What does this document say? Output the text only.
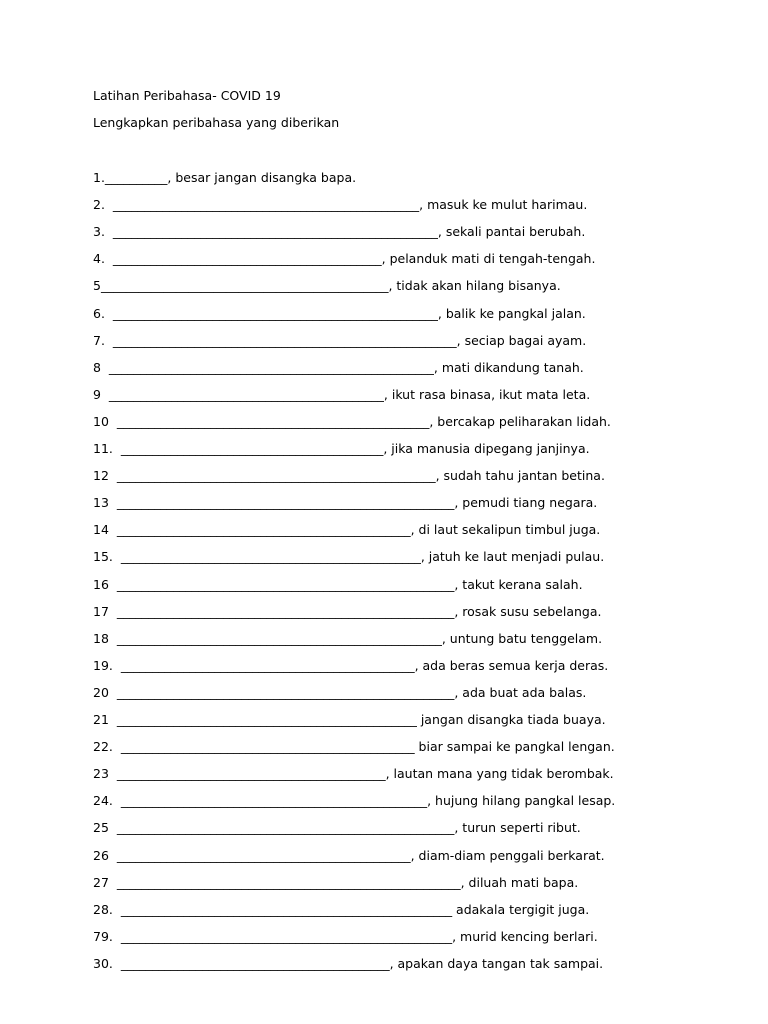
Latihan Peribahasa- COVID 19
Lengkapkan peribahasa yang diberikan
1.__________, besar jangan disangka bapa.
2.  _________________________________________________, masuk ke mulut harimau.
3.  ____________________________________________________, sekali pantai berubah.
4.  ___________________________________________, pelanduk mati di tengah-tengah.
5______________________________________________, tidak akan hilang bisanya.
6.  ____________________________________________________, balik ke pangkal jalan.
7.  _______________________________________________________, seciap bagai ayam.
8  ____________________________________________________, mati dikandung tanah.
9  ____________________________________________, ikut rasa binasa, ikut mata leta.
10  __________________________________________________, bercakap peliharakan lidah.
11.  __________________________________________, jika manusia dipegang janjinya.
12  ___________________________________________________, sudah tahu jantan betina.
13  ______________________________________________________, pemudi tiang negara.
14  _______________________________________________, di laut sekalipun timbul juga.
15.  ________________________________________________, jatuh ke laut menjadi pulau.
16  ______________________________________________________, takut kerana salah.
17  ______________________________________________________, rosak susu sebelanga.
18  ____________________________________________________, untung batu tenggelam.
19.  _______________________________________________, ada beras semua kerja deras.
20  ______________________________________________________, ada buat ada balas.
21  ________________________________________________ jangan disangka tiada buaya.
22.  _______________________________________________ biar sampai ke pangkal lengan.
23  ___________________________________________, lautan mana yang tidak berombak.
24.  _________________________________________________, hujung hilang pangkal lesap.
25  ______________________________________________________, turun seperti ribut.
26  _______________________________________________, diam-diam penggali berkarat.
27  _______________________________________________________, diluah mati bapa.
28.  _____________________________________________________ adakala tergigit juga.
79.  _____________________________________________________, murid kencing berlari.
30.  ___________________________________________, apakan daya tangan tak sampai.
